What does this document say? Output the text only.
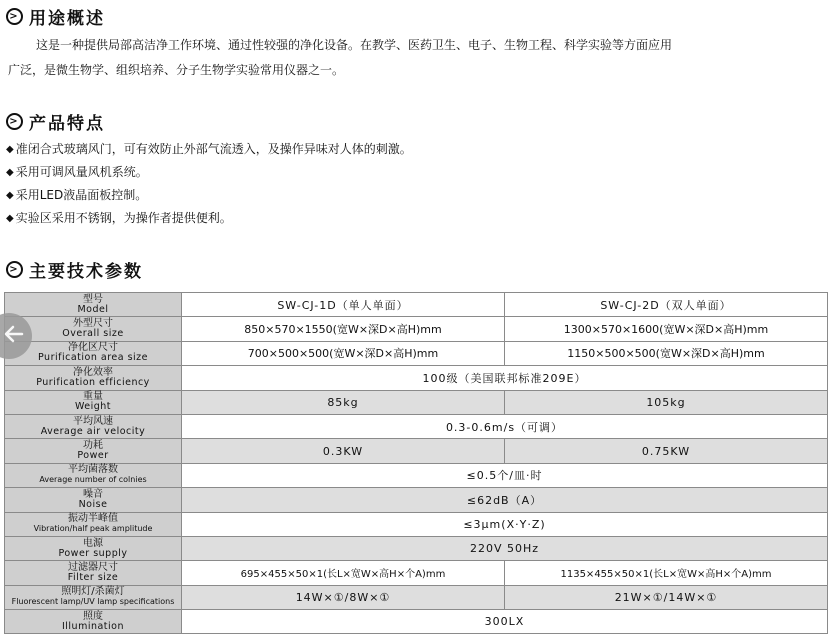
> 用途概述
这是一种提供局部高洁净工作环境、通过性较强的净化设备。在教学、医药卫生、电子、生物工程、科学实验等方面应用
广泛，是微生物学、组织培养、分子生物学实验常用仪器之一。
> 产品特点
◆ 准闭合式玻璃风门，可有效防止外部气流透入，及操作异味对人体的刺激。
◆ 采用可调风量风机系统。
◆ 采用LED液晶面板控制。
◆ 实验区采用不锈钢，为操作者提供便利。
> 主要技术参数
型号
Model	SW-CJ-1D（单人单面）	SW-CJ-2D（双人单面）

外型尺寸
Overall size	850×570×1550(宽W×深D×高H)mm	1300×570×1600(宽W×深D×高H)mm

净化区尺寸
Purification area size	700×500×500(宽W×深D×高H)mm	1150×500×500(宽W×深D×高H)mm

净化效率
Purification efficiency	100级（美国联邦标准209E）	

重量
Weight	85kg	105kg

平均风速
Average air velocity	0.3-0.6m/s（可调）	

功耗
Power	0.3KW	0.75KW

平均菌落数
Average number of colnies	≤0.5个/皿·时	

噪音
Noise	≤62dB（A）	

振动半峰值
Vibration/half peak amplitude	≤3μm(X·Y·Z)	

电源
Power supply	220V 50Hz	

过滤器尺寸
Filter size	695×455×50×1(长L×宽W×高H×个A)mm	1135×455×50×1(长L×宽W×高H×个A)mm

照明灯/杀菌灯
Fluorescent lamp/UV lamp specifications	14W×①/8W×①	21W×①/14W×①

照度
Illumination	300LX	
